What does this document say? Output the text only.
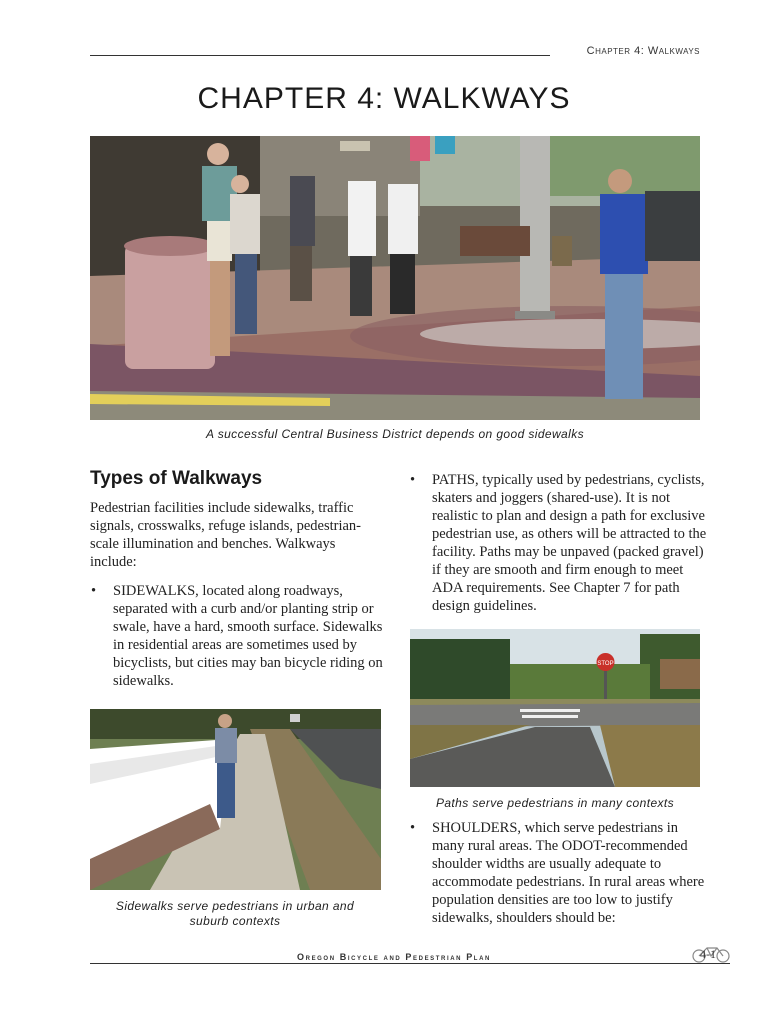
Chapter 4: Walkways
CHAPTER 4: WALKWAYS
A successful Central Business District depends on good sidewalks
Types of Walkways
Pedestrian facilities include sidewalks, traffic signals, crosswalks, refuge islands, pedestrian-scale illumination and benches. Walkways include:
• SIDEWALKS, located along roadways, separated with a curb and/or planting strip or swale, have a hard, smooth surface. Sidewalks in residential areas are sometimes used by bicyclists, but cities may ban bicycle riding on sidewalks.
Sidewalks serve pedestrians in urban and suburb contexts
• PATHS, typically used by pedestrians, cyclists, skaters and joggers (shared-use). It is not realistic to plan and design a path for exclusive pedestrian use, as others will be attracted to the facility. Paths may be unpaved (packed gravel) if they are smooth and firm enough to meet ADA requirements. See Chapter 7 for path design guidelines.
STOP
Paths serve pedestrians in many contexts
• SHOULDERS, which serve pedestrians in many rural areas. The ODOT-recommended shoulder widths are usually adequate to accommodate pedestrians. In rural areas where population densities are too low to justify sidewalks, shoulders should be:
Oregon Bicycle and Pedestrian Plan	4-1
